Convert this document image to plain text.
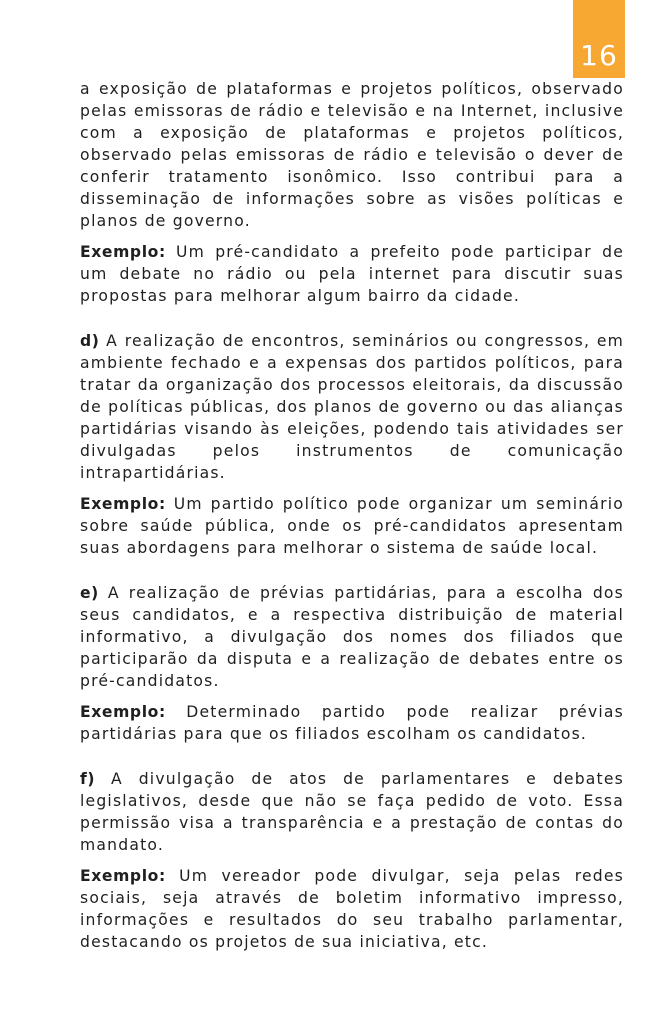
16

a exposição de plataformas e projetos políticos, observado pelas emissoras de rádio e televisão e na Internet, inclusive com a exposição de plataformas e projetos políticos, observado pelas emissoras de rádio e televisão o dever de conferir tratamento isonômico. Isso contribui para a disseminação de informações sobre as visões políticas e planos de governo.

Exemplo: Um pré-candidato a prefeito pode participar de um debate no rádio ou pela internet para discutir suas propostas para melhorar algum bairro da cidade.

d) A realização de encontros, seminários ou congressos, em ambiente fechado e a expensas dos partidos políticos, para tratar da organização dos processos eleitorais, da discussão de políticas públicas, dos planos de governo ou das alianças partidárias visando às eleições, podendo tais atividades ser divulgadas pelos instrumentos de comunicação intrapartidárias.

Exemplo: Um partido político pode organizar um seminário sobre saúde pública, onde os pré-candidatos apresentam suas abordagens para melhorar o sistema de saúde local.

e) A realização de prévias partidárias, para a escolha dos seus candidatos, e a respectiva distribuição de material informativo, a divulgação dos nomes dos filiados que participarão da disputa e a realização de debates entre os pré-candidatos.

Exemplo: Determinado partido pode realizar prévias partidárias para que os filiados escolham os candidatos.

f) A divulgação de atos de parlamentares e debates legislativos, desde que não se faça pedido de voto. Essa permissão visa a transparência e a prestação de contas do mandato.

Exemplo: Um vereador pode divulgar, seja pelas redes sociais, seja através de boletim informativo impresso, informações e resultados do seu trabalho parlamentar, destacando os projetos de sua iniciativa, etc.
